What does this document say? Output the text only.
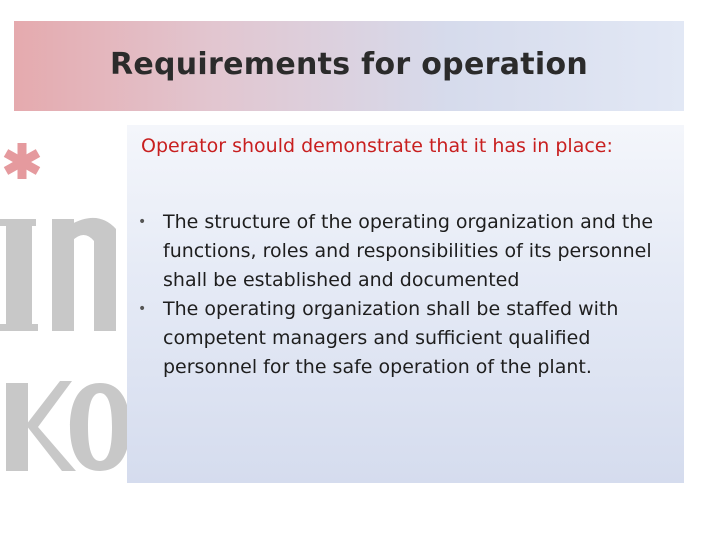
Requirements for operation
Operator should demonstrate that it has in place:
• The structure of the operating organization and the functions, roles and responsibilities of its personnel shall be established and documented
• The operating organization shall be staffed with competent managers and sufficient qualified personnel for the safe operation of the plant.
